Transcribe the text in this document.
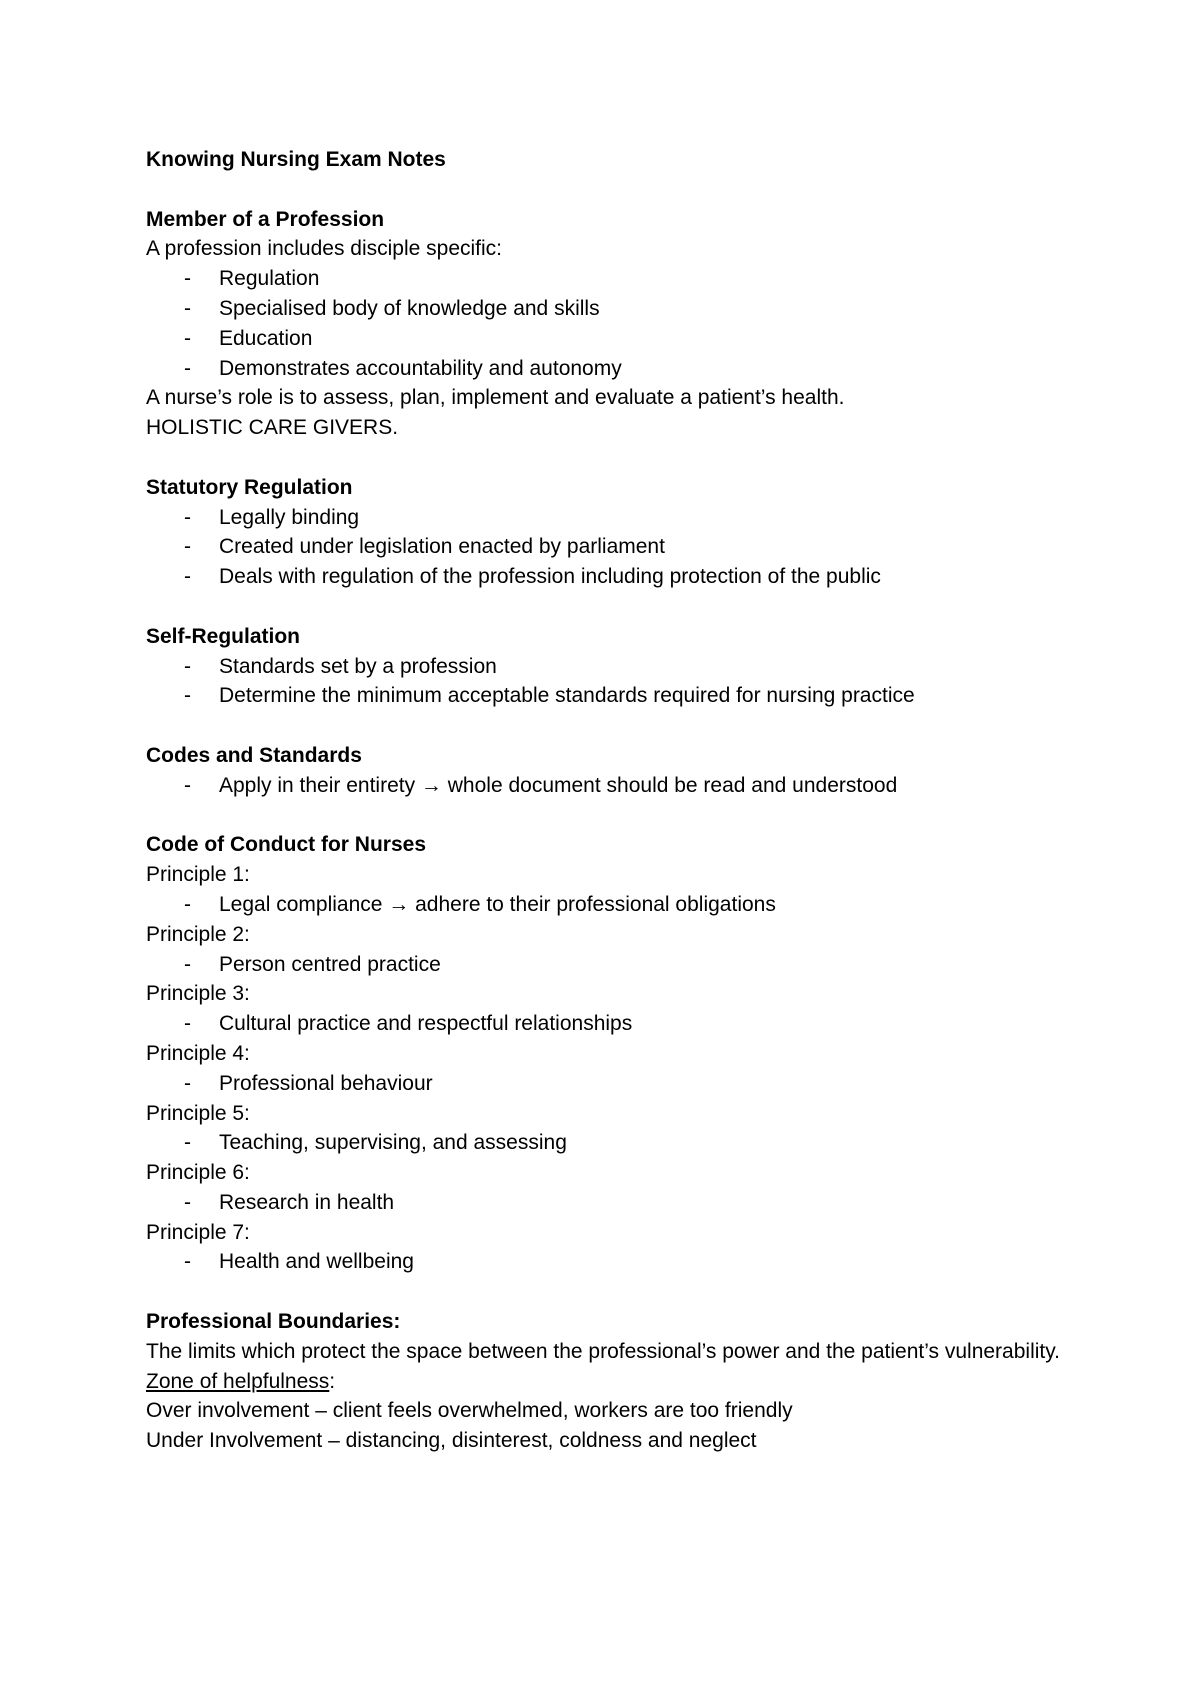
Knowing Nursing Exam Notes
Member of a Profession
A profession includes disciple specific:
- Regulation
- Specialised body of knowledge and skills
- Education
- Demonstrates accountability and autonomy
A nurse’s role is to assess, plan, implement and evaluate a patient’s health.
HOLISTIC CARE GIVERS.
Statutory Regulation
- Legally binding
- Created under legislation enacted by parliament
- Deals with regulation of the profession including protection of the public
Self-Regulation
- Standards set by a profession
- Determine the minimum acceptable standards required for nursing practice
Codes and Standards
- Apply in their entirety → whole document should be read and understood
Code of Conduct for Nurses
Principle 1:
- Legal compliance → adhere to their professional obligations
Principle 2:
- Person centred practice
Principle 3:
- Cultural practice and respectful relationships
Principle 4:
- Professional behaviour
Principle 5:
- Teaching, supervising, and assessing
Principle 6:
- Research in health
Principle 7:
- Health and wellbeing
Professional Boundaries:
The limits which protect the space between the professional’s power and the patient’s vulnerability.
Zone of helpfulness:
Over involvement – client feels overwhelmed, workers are too friendly
Under Involvement – distancing, disinterest, coldness and neglect
